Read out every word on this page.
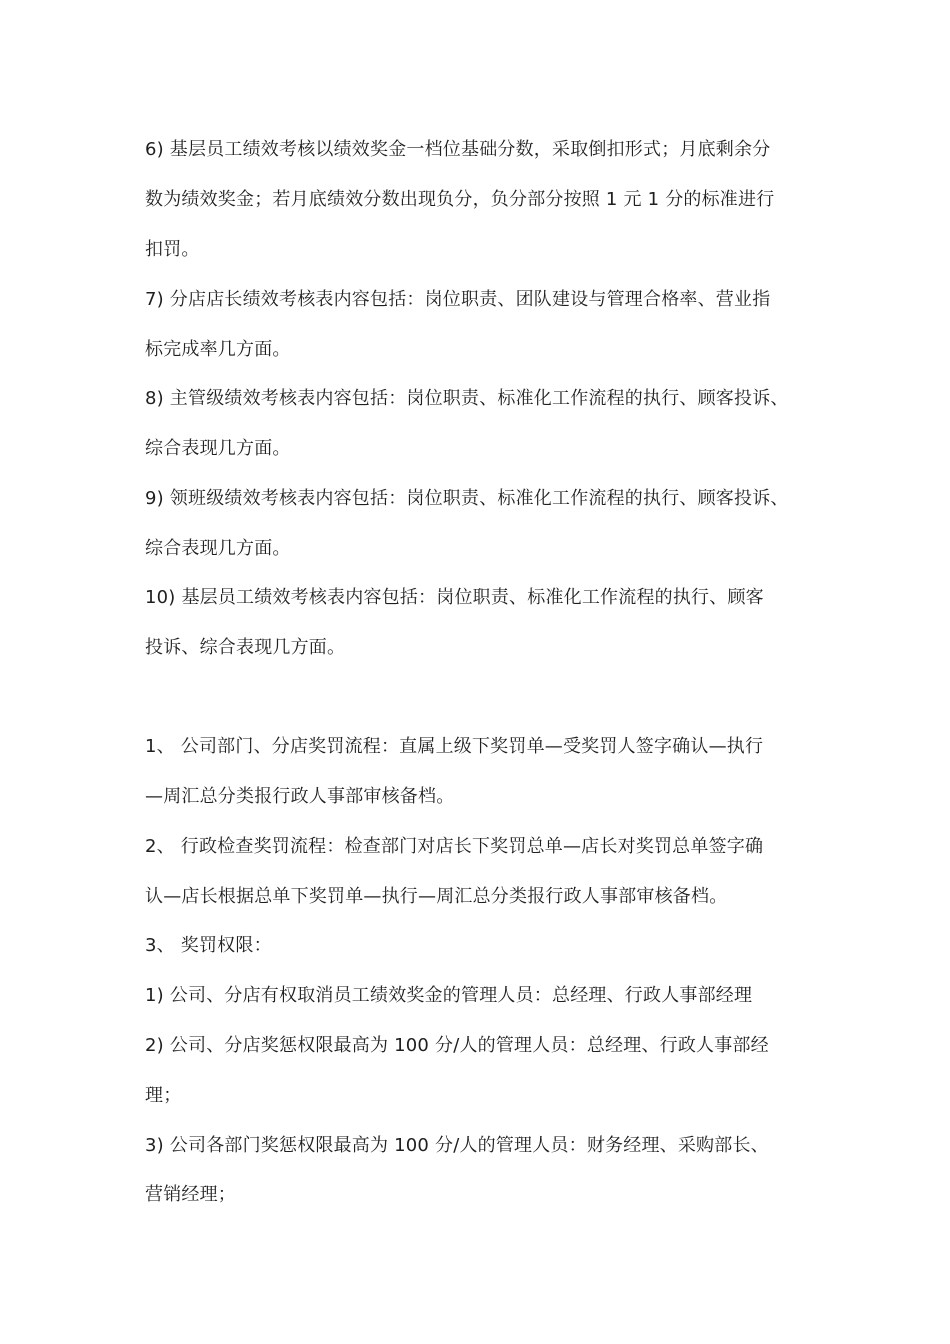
6) 基层员工绩效考核以绩效奖金一档位基础分数，采取倒扣形式；月底剩余分
数为绩效奖金；若月底绩效分数出现负分，负分部分按照 1 元 1 分的标准进行
扣罚。
7) 分店店长绩效考核表内容包括：岗位职责、团队建设与管理合格率、营业指
标完成率几方面。
8) 主管级绩效考核表内容包括：岗位职责、标准化工作流程的执行、顾客投诉、
综合表现几方面。
9) 领班级绩效考核表内容包括：岗位职责、标准化工作流程的执行、顾客投诉、
综合表现几方面。
10) 基层员工绩效考核表内容包括：岗位职责、标准化工作流程的执行、顾客
投诉、综合表现几方面。
1、 公司部门、分店奖罚流程：直属上级下奖罚单—受奖罚人签字确认—执行
—周汇总分类报行政人事部审核备档。
2、 行政检查奖罚流程：检查部门对店长下奖罚总单—店长对奖罚总单签字确
认—店长根据总单下奖罚单—执行—周汇总分类报行政人事部审核备档。
3、 奖罚权限：
1) 公司、分店有权取消员工绩效奖金的管理人员：总经理、行政人事部经理
2) 公司、分店奖惩权限最高为 100 分/人的管理人员：总经理、行政人事部经
理；
3) 公司各部门奖惩权限最高为 100 分/人的管理人员：财务经理、采购部长、
营销经理；
